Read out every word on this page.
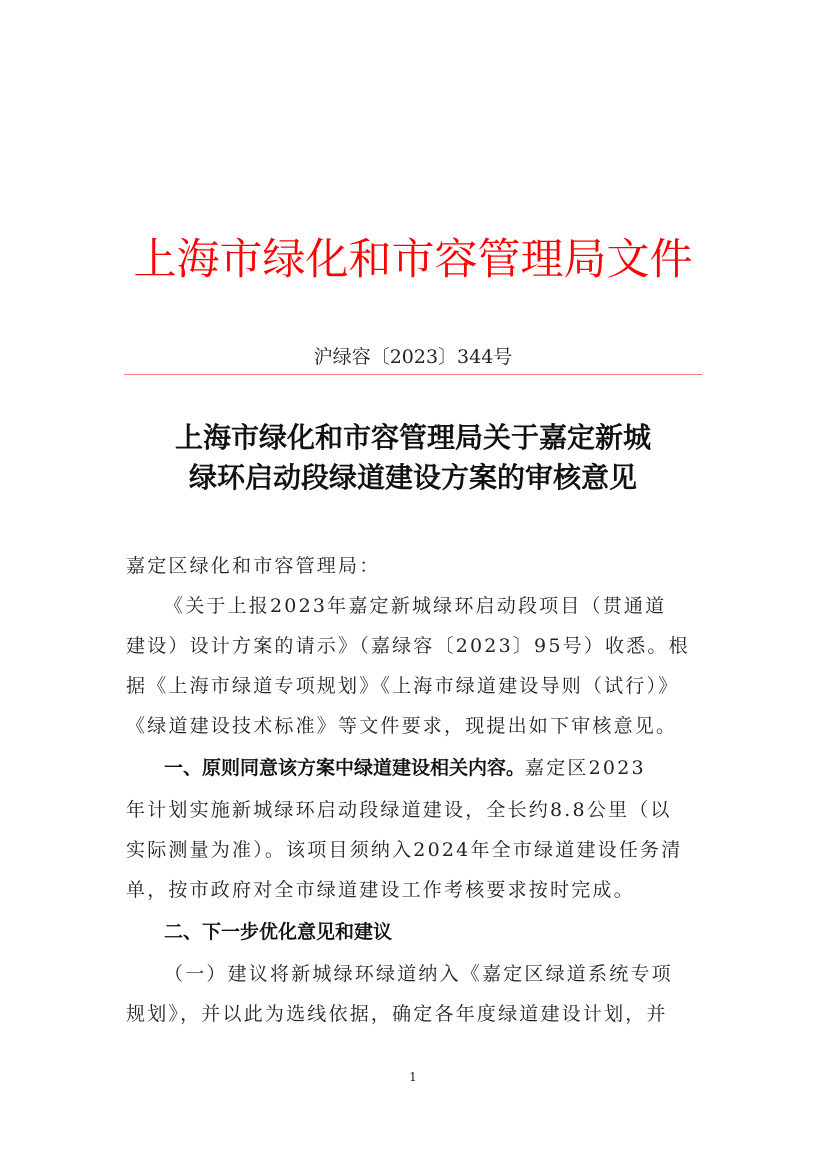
上海市绿化和市容管理局文件
沪绿容〔2023〕344号
上海市绿化和市容管理局关于嘉定新城
绿环启动段绿道建设方案的审核意见
嘉定区绿化和市容管理局：
《关于上报2023年嘉定新城绿环启动段项目（贯通道
建设）设计方案的请示》（嘉绿容〔2023〕95号）收悉。根
据《上海市绿道专项规划》《上海市绿道建设导则（试行）》
《绿道建设技术标准》等文件要求，现提出如下审核意见。
一、原则同意该方案中绿道建设相关内容。嘉定区2023
年计划实施新城绿环启动段绿道建设，全长约8.8公里（以
实际测量为准）。该项目须纳入2024年全市绿道建设任务清
单，按市政府对全市绿道建设工作考核要求按时完成。
二、下一步优化意见和建议
（一）建议将新城绿环绿道纳入《嘉定区绿道系统专项
规划》，并以此为选线依据，确定各年度绿道建设计划，并
1
